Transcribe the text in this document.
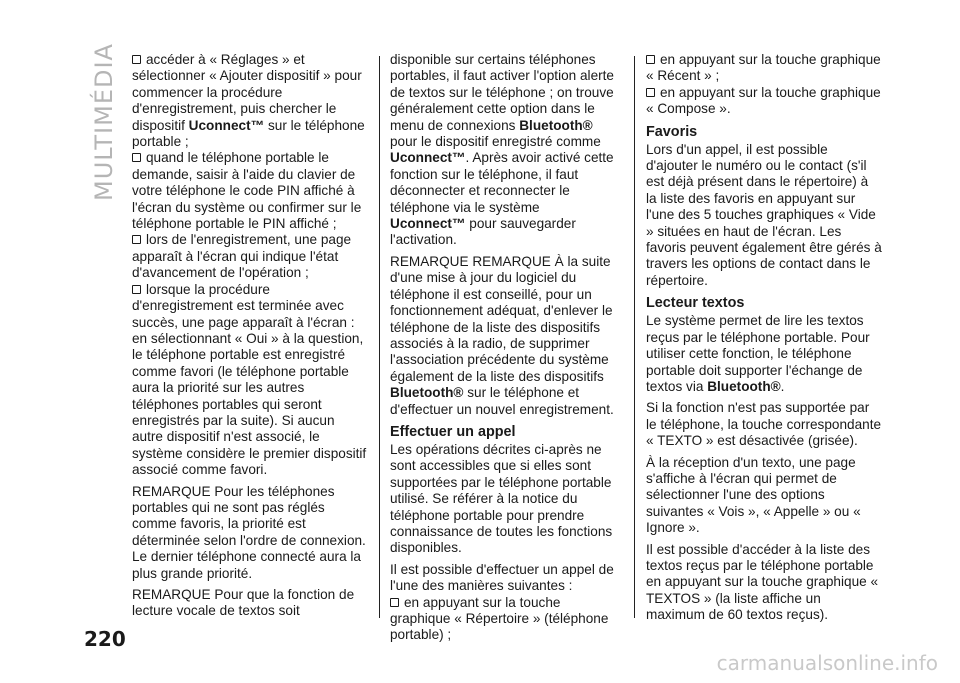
MULTIMÉDIA	accéder à « Réglages » et sélectionner « Ajouter dispositif » pour commencer la procédure d'enregistrement, puis chercher le dispositif Uconnect™ sur le téléphone portable ;
quand le téléphone portable le demande, saisir à l'aide du clavier de votre téléphone le code PIN affiché à l'écran du système ou confirmer sur le téléphone portable le PIN affiché ;
lors de l'enregistrement, une page apparaît à l'écran qui indique l'état d'avancement de l'opération ;
lorsque la procédure d'enregistrement est terminée avec succès, une page apparaît à l'écran : en sélectionnant « Oui » à la question, le téléphone portable est enregistré comme favori (le téléphone portable aura la priorité sur les autres téléphones portables qui seront enregistrés par la suite). Si aucun autre dispositif n'est associé, le système considère le premier dispositif associé comme favori.

REMARQUE Pour les téléphones portables qui ne sont pas réglés comme favoris, la priorité est déterminée selon l'ordre de connexion. Le dernier téléphone connecté aura la plus grande priorité.

REMARQUE Pour que la fonction de lecture vocale de textos soit

disponible sur certains téléphones portables, il faut activer l'option alerte de textos sur le téléphone ; on trouve généralement cette option dans le menu de connexions Bluetooth® pour le dispositif enregistré comme Uconnect™. Après avoir activé cette fonction sur le téléphone, il faut déconnecter et reconnecter le téléphone via le système Uconnect™ pour sauvegarder l'activation.

REMARQUE REMARQUE À la suite d'une mise à jour du logiciel du téléphone il est conseillé, pour un fonctionnement adéquat, d'enlever le téléphone de la liste des dispositifs associés à la radio, de supprimer l'association précédente du système également de la liste des dispositifs Bluetooth® sur le téléphone et d'effectuer un nouvel enregistrement.

Effectuer un appel

Les opérations décrites ci-après ne sont accessibles que si elles sont supportées par le téléphone portable utilisé. Se référer à la notice du téléphone portable pour prendre connaissance de toutes les fonctions disponibles.

Il est possible d'effectuer un appel de l'une des manières suivantes :

en appuyant sur la touche graphique « Répertoire » (téléphone portable) ;
en appuyant sur la touche graphique « Récent » ;
en appuyant sur la touche graphique « Compose ».
Favoris

Lors d'un appel, il est possible d'ajouter le numéro ou le contact (s'il est déjà présent dans le répertoire) à la liste des favoris en appuyant sur l'une des 5 touches graphiques « Vide » situées en haut de l'écran. Les favoris peuvent également être gérés à travers les options de contact dans le répertoire.

Lecteur textos

Le système permet de lire les textos reçus par le téléphone portable. Pour utiliser cette fonction, le téléphone portable doit supporter l'échange de textos via Bluetooth®.

Si la fonction n'est pas supportée par le téléphone, la touche correspondante « TEXTO » est désactivée (grisée).

À la réception d'un texto, une page s'affiche à l'écran qui permet de sélectionner l'une des options suivantes « Vois », « Appelle » ou « Ignore ».

Il est possible d'accéder à la liste des textos reçus par le téléphone portable en appuyant sur la touche graphique « TEXTOS » (la liste affiche un maximum de 60 textos reçus).

220
carmanualsonline.info
